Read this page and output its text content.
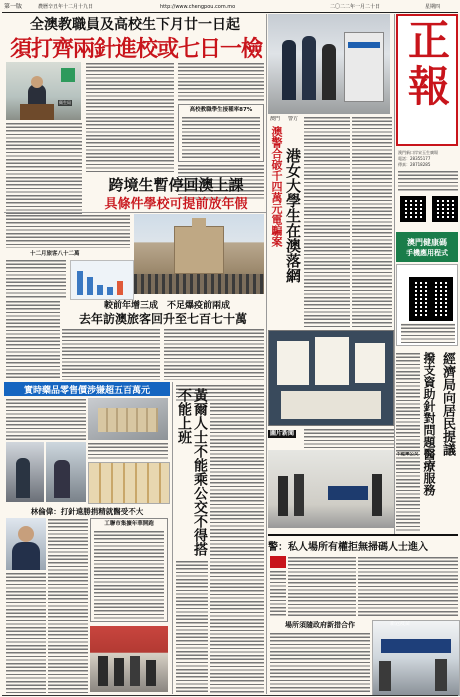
第一版	農曆辛丑年十二月十九日	http://www.chengpou.com.mo	二〇二二年一月二十日	星期四
全澳教職員及高校生下月廿一日起
須打齊兩針進校或七日一檢
衛生局
高校教職學生接種率87%
跨境生暫停回澳上課
具條件學校可提前放年假
十二月旅客八十二萬
較前年增三成　不足爆疫前兩成
去年訪澳旅客回升至七百七十萬
實時藥品零售價涉嫌超五百萬元
林倫偉：打針遠勝捐精就醫受不大
工聯市集擴年華開跑	黃爾人士不能乘公交不得搭不能上班
澳門 警方
澳警合破千四萬元電騙案 港女大學生在澳落網
圖片新聞
正
報
澳門新口岸宋玉生廣場
電話：28355177
傳真：28718285
澳門健康碼
手機應用程式
經濟局向居民提議
撥支資助針對問題醫療服務
不能乘公交
警：私人場所有權拒無掃碼人士進入
場所須隨政府新措合作	新冠疫苗
